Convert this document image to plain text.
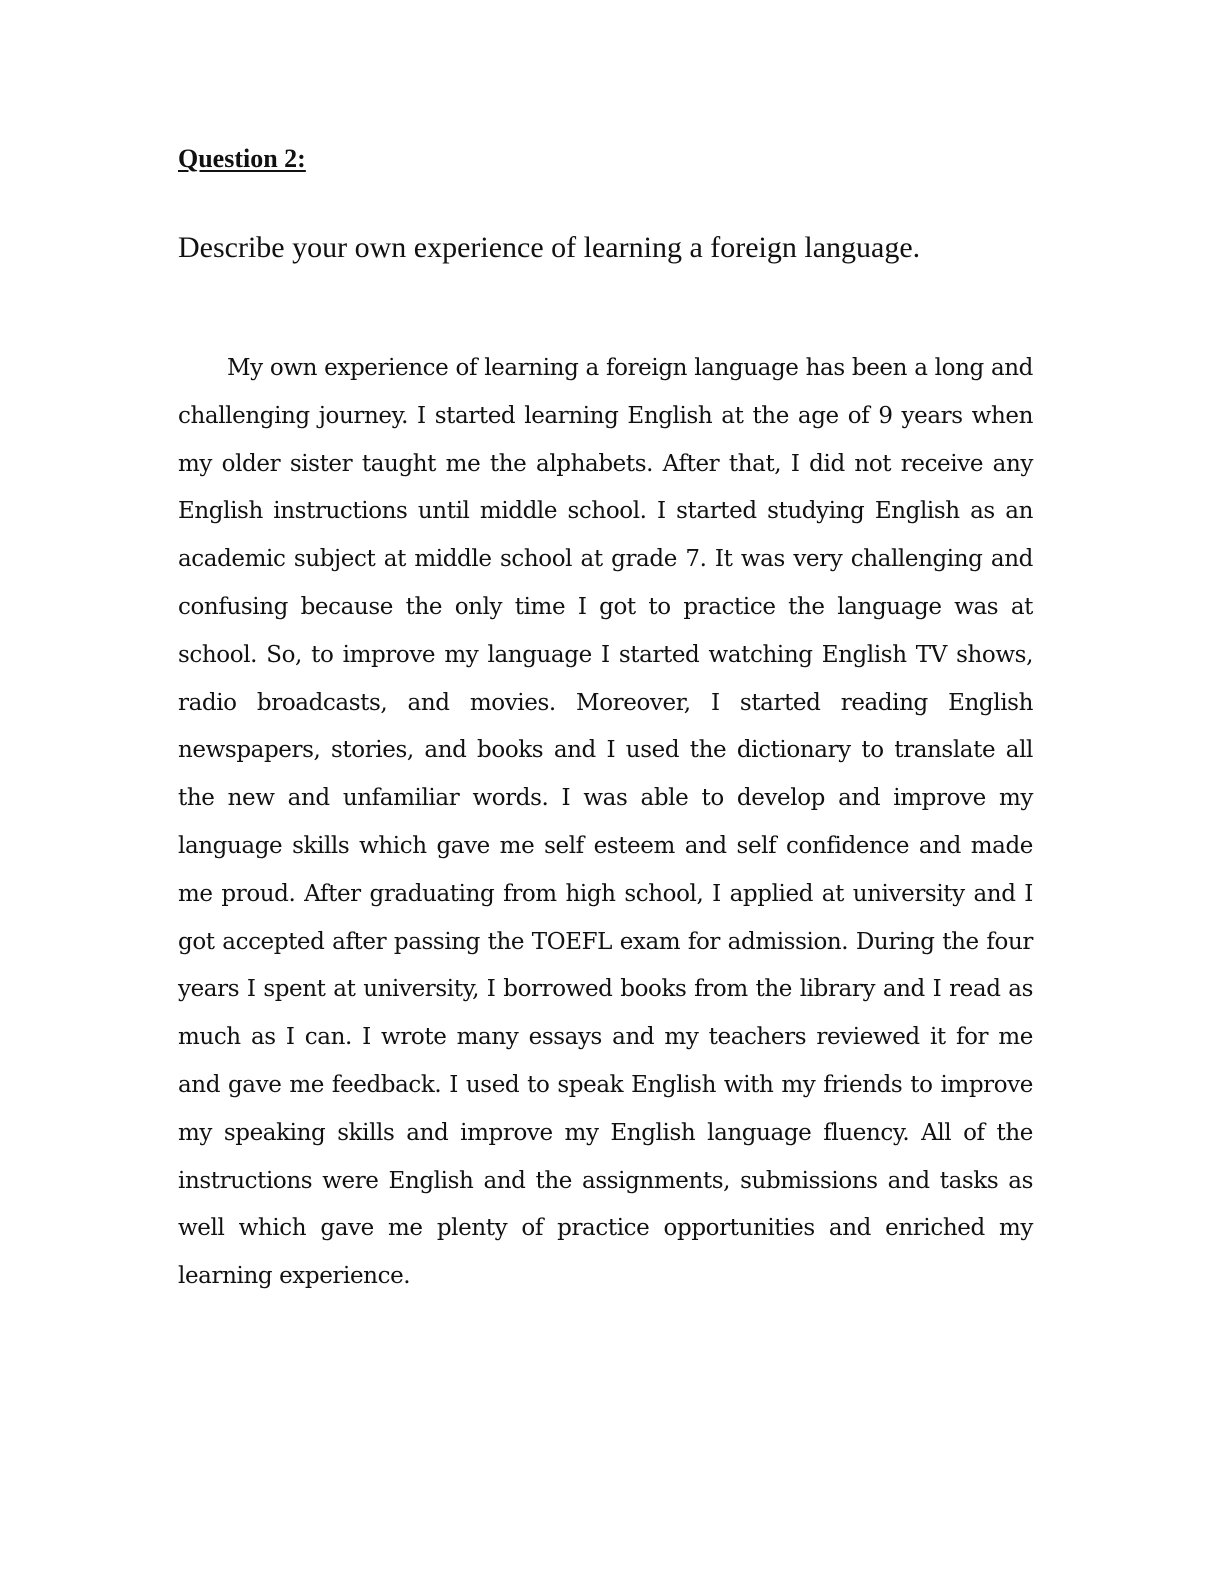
Question 2:
Describe your own experience of learning a foreign language.

My own experience of learning a foreign language has been a long and challenging journey. I started learning English at the age of 9 years when my older sister taught me the alphabets. After that, I did not receive any English instructions until middle school. I started studying English as an academic subject at middle school at grade 7. It was very challenging and confusing because the only time I got to practice the language was at school. So, to improve my language I started watching English TV shows, radio broadcasts, and movies. Moreover, I started reading English newspapers, stories, and books and I used the dictionary to translate all the new and unfamiliar words. I was able to develop and improve my language skills which gave me self esteem and self confidence and made me proud. After graduating from high school, I applied at university and I got accepted after passing the TOEFL exam for admission. During the four years I spent at university, I borrowed books from the library and I read as much as I can. I wrote many essays and my teachers reviewed it for me and gave me feedback. I used to speak English with my friends to improve my speaking skills and improve my English language fluency. All of the instructions were English and the assignments, submissions and tasks as well which gave me plenty of practice opportunities and enriched my learning experience.
